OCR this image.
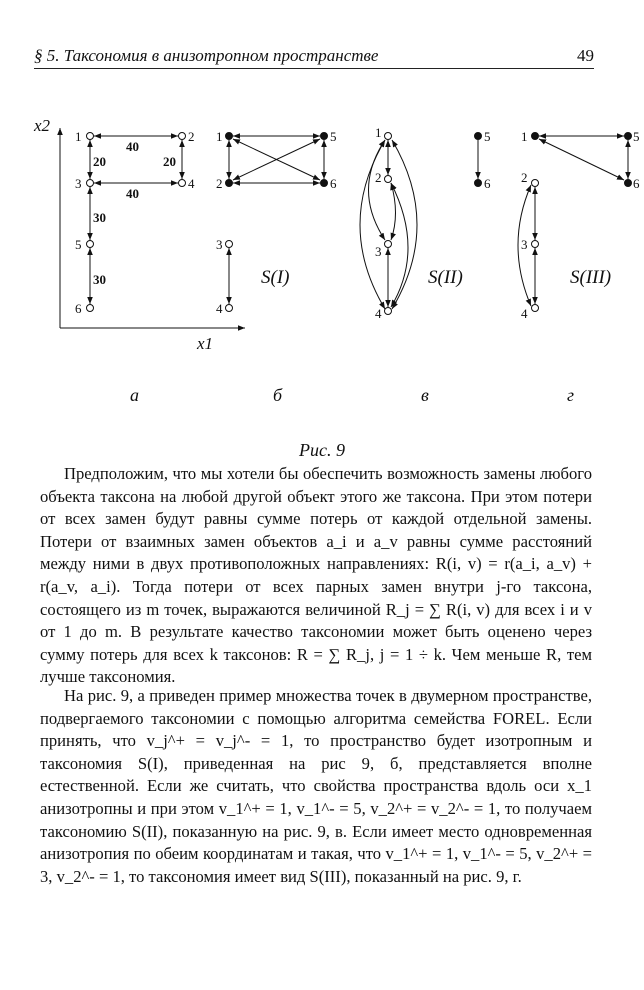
§ 5. Таксономия в анизотропном пространстве	49
x2
x1
1	2
3	4
5
6
40
20	20
40
30
30
1	5
2	6
3
4
1	5
2	6
3
4
1	5
2	6
3
4
S(I)	S(II)	S(III)
а	б	в	г
Рис. 9

Предположим, что мы хотели бы обеспечить возможность замены любого объекта таксона на любой другой объект этого же таксона. При этом потери от всех замен будут равны сумме потерь от каждой отдельной замены. Потери от взаимных замен объектов a_i и a_v равны сумме расстояний между ними в двух противоположных направлениях: R(i, v) = r(a_i, a_v) + r(a_v, a_i). Тогда потери от всех парных замен внутри j-го таксона, состоящего из m точек, выражаются величиной R_j = ∑ R(i, v) для всех i и v от 1 до m. В результате качество таксономии может быть оценено через сумму потерь для всех k таксонов: R = ∑ R_j, j = 1 ÷ k. Чем меньше R, тем лучше таксономия.

На рис. 9, а приведен пример множества точек в двумерном пространстве, подвергаемого таксономии с помощью алгоритма семейства FOREL. Если принять, что v_j^+ = v_j^- = 1, то пространство будет изотропным и таксономия S(I), приведенная на рис 9, б, представляется вполне естественной. Если же считать, что свойства пространства вдоль оси x_1 анизотропны и при этом v_1^+ = 1, v_1^- = 5, v_2^+ = v_2^- = 1, то получаем таксономию S(II), показанную на рис. 9, в. Если имеет место одновременная анизотропия по обеим координатам и такая, что v_1^+ = 1, v_1^- = 5, v_2^+ = 3, v_2^- = 1, то таксономия имеет вид S(III), показанный на рис. 9, г.
